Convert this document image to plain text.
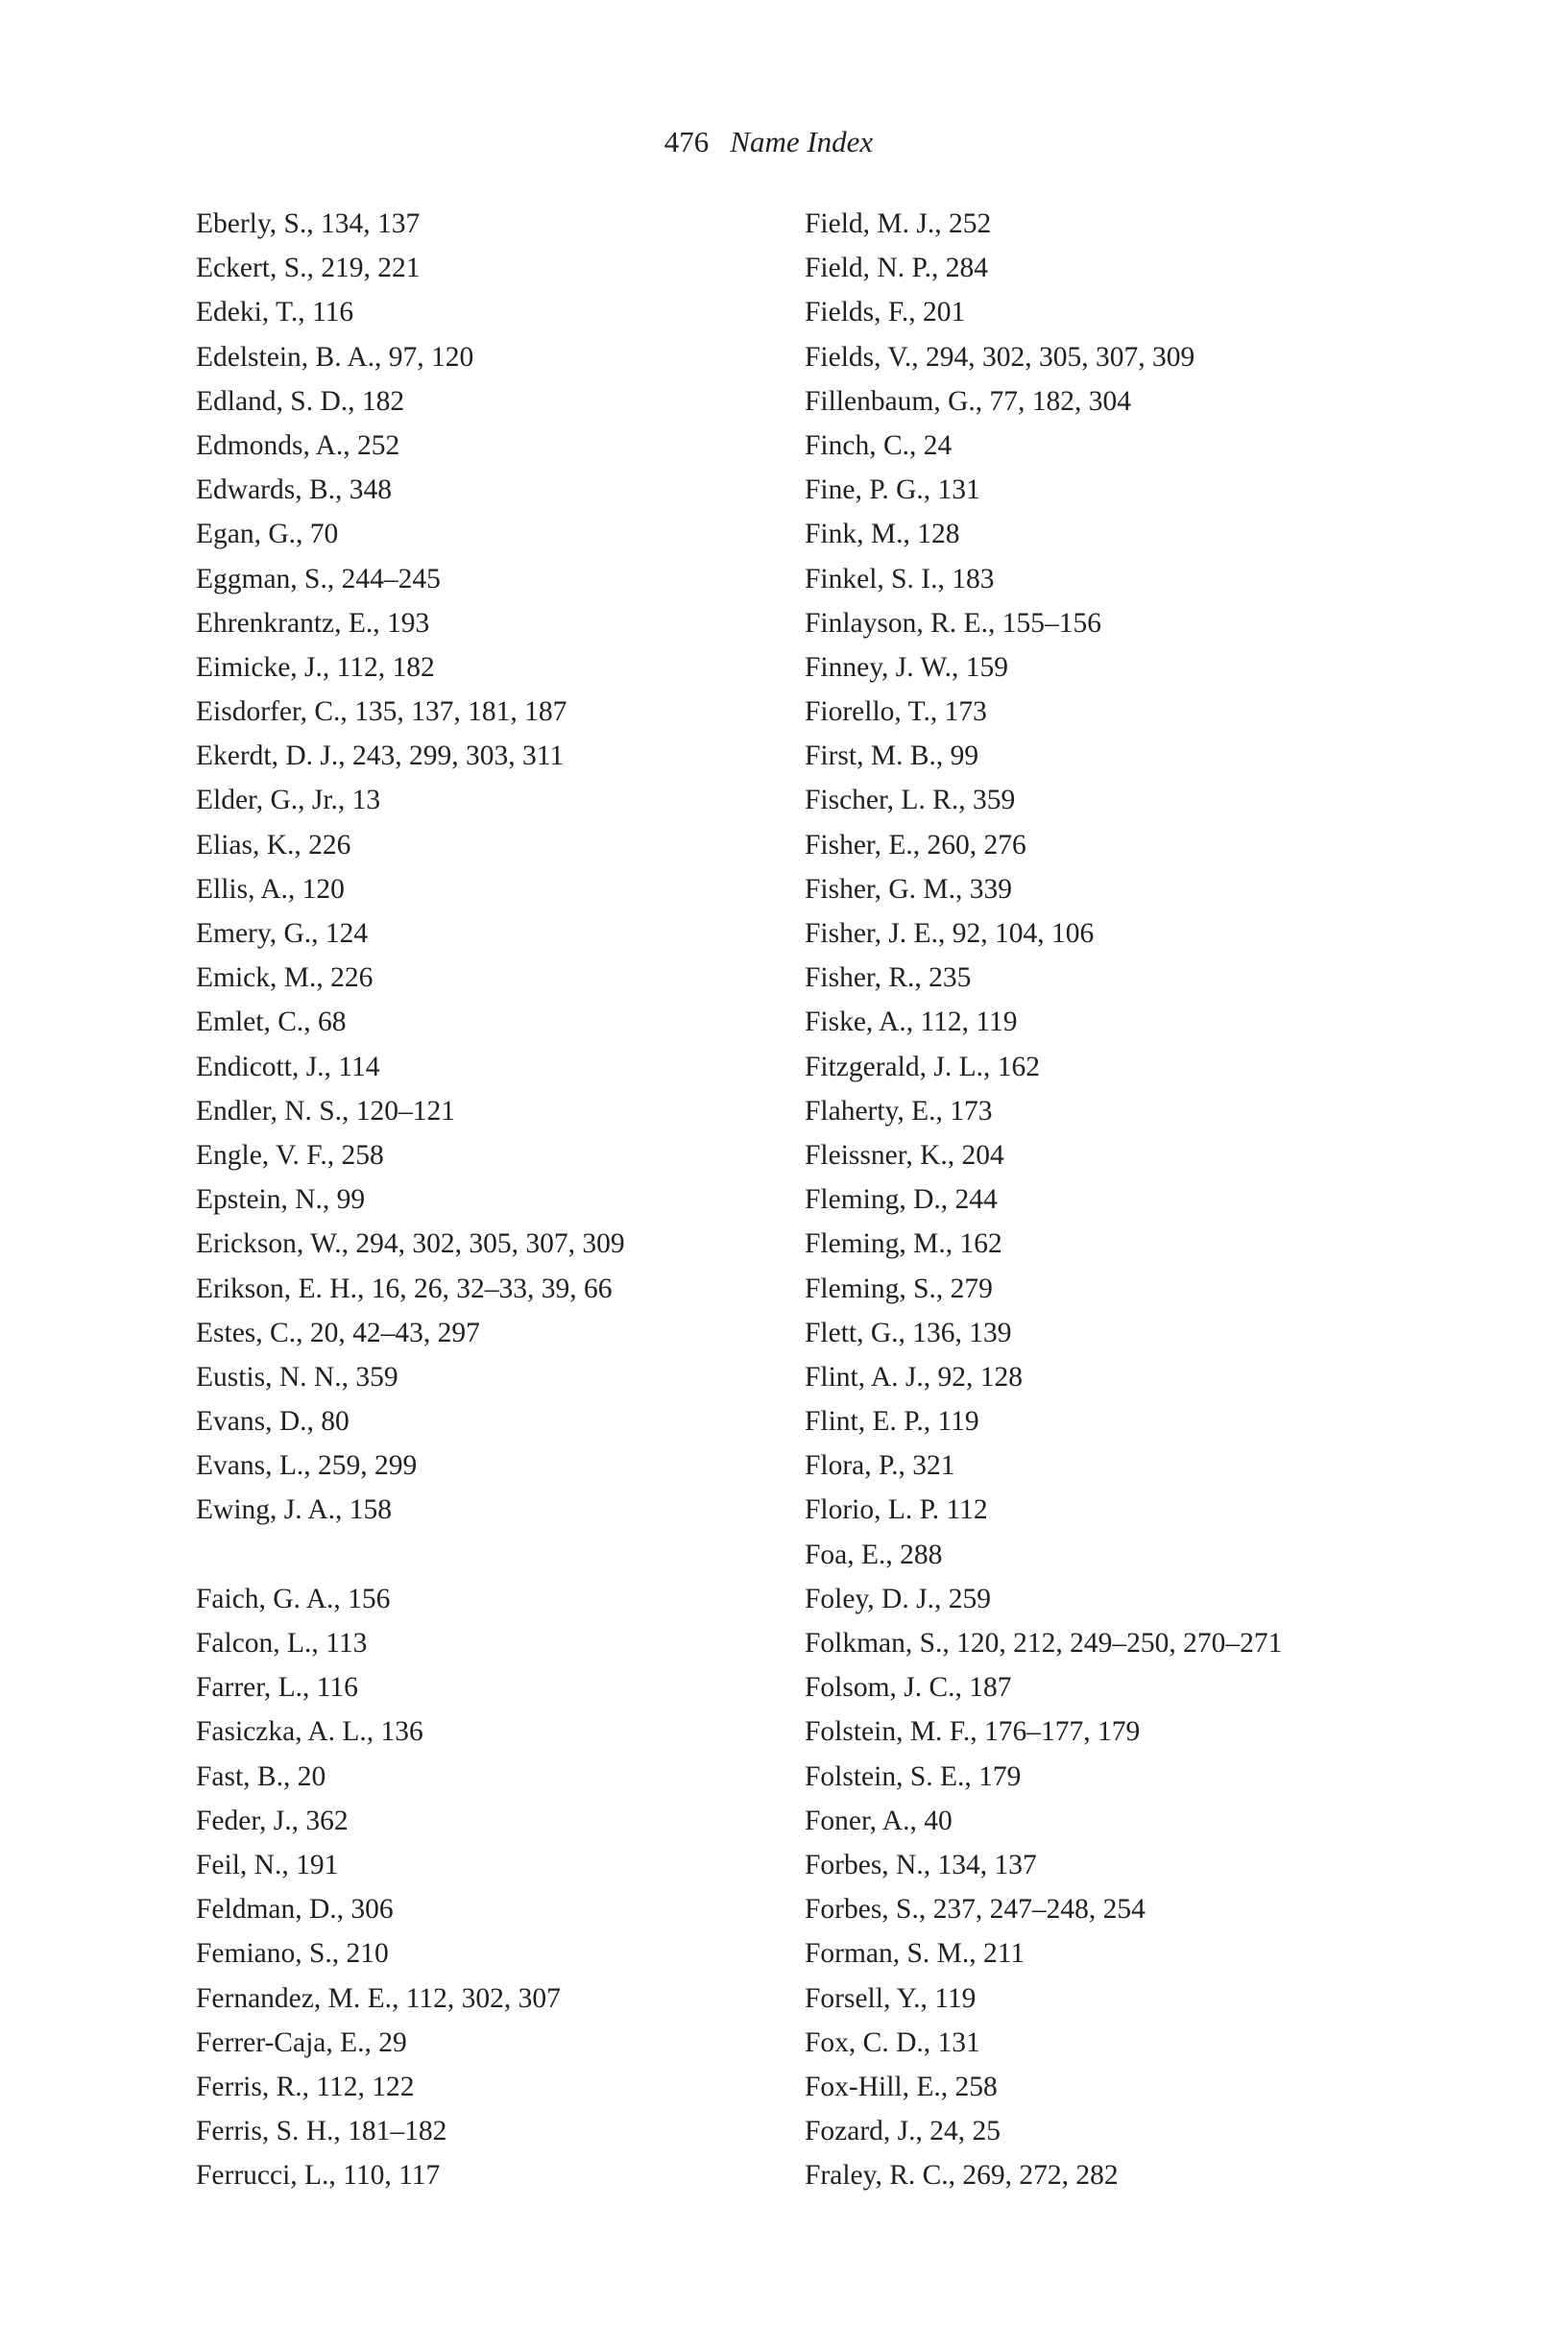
476 Name Index
Eberly, S., 134, 137
Eckert, S., 219, 221
Edeki, T., 116
Edelstein, B. A., 97, 120
Edland, S. D., 182
Edmonds, A., 252
Edwards, B., 348
Egan, G., 70
Eggman, S., 244–245
Ehrenkrantz, E., 193
Eimicke, J., 112, 182
Eisdorfer, C., 135, 137, 181, 187
Ekerdt, D. J., 243, 299, 303, 311
Elder, G., Jr., 13
Elias, K., 226
Ellis, A., 120
Emery, G., 124
Emick, M., 226
Emlet, C., 68
Endicott, J., 114
Endler, N. S., 120–121
Engle, V. F., 258
Epstein, N., 99
Erickson, W., 294, 302, 305, 307, 309
Erikson, E. H., 16, 26, 32–33, 39, 66
Estes, C., 20, 42–43, 297
Eustis, N. N., 359
Evans, D., 80
Evans, L., 259, 299
Ewing, J. A., 158
Faich, G. A., 156
Falcon, L., 113
Farrer, L., 116
Fasiczka, A. L., 136
Fast, B., 20
Feder, J., 362
Feil, N., 191
Feldman, D., 306
Femiano, S., 210
Fernandez, M. E., 112, 302, 307
Ferrer-Caja, E., 29
Ferris, R., 112, 122
Ferris, S. H., 181–182
Ferrucci, L., 110, 117
Field, M. J., 252
Field, N. P., 284
Fields, F., 201
Fields, V., 294, 302, 305, 307, 309
Fillenbaum, G., 77, 182, 304
Finch, C., 24
Fine, P. G., 131
Fink, M., 128
Finkel, S. I., 183
Finlayson, R. E., 155–156
Finney, J. W., 159
Fiorello, T., 173
First, M. B., 99
Fischer, L. R., 359
Fisher, E., 260, 276
Fisher, G. M., 339
Fisher, J. E., 92, 104, 106
Fisher, R., 235
Fiske, A., 112, 119
Fitzgerald, J. L., 162
Flaherty, E., 173
Fleissner, K., 204
Fleming, D., 244
Fleming, M., 162
Fleming, S., 279
Flett, G., 136, 139
Flint, A. J., 92, 128
Flint, E. P., 119
Flora, P., 321
Florio, L. P. 112
Foa, E., 288
Foley, D. J., 259
Folkman, S., 120, 212, 249–250, 270–271
Folsom, J. C., 187
Folstein, M. F., 176–177, 179
Folstein, S. E., 179
Foner, A., 40
Forbes, N., 134, 137
Forbes, S., 237, 247–248, 254
Forman, S. M., 211
Forsell, Y., 119
Fox, C. D., 131
Fox-Hill, E., 258
Fozard, J., 24, 25
Fraley, R. C., 269, 272, 282
